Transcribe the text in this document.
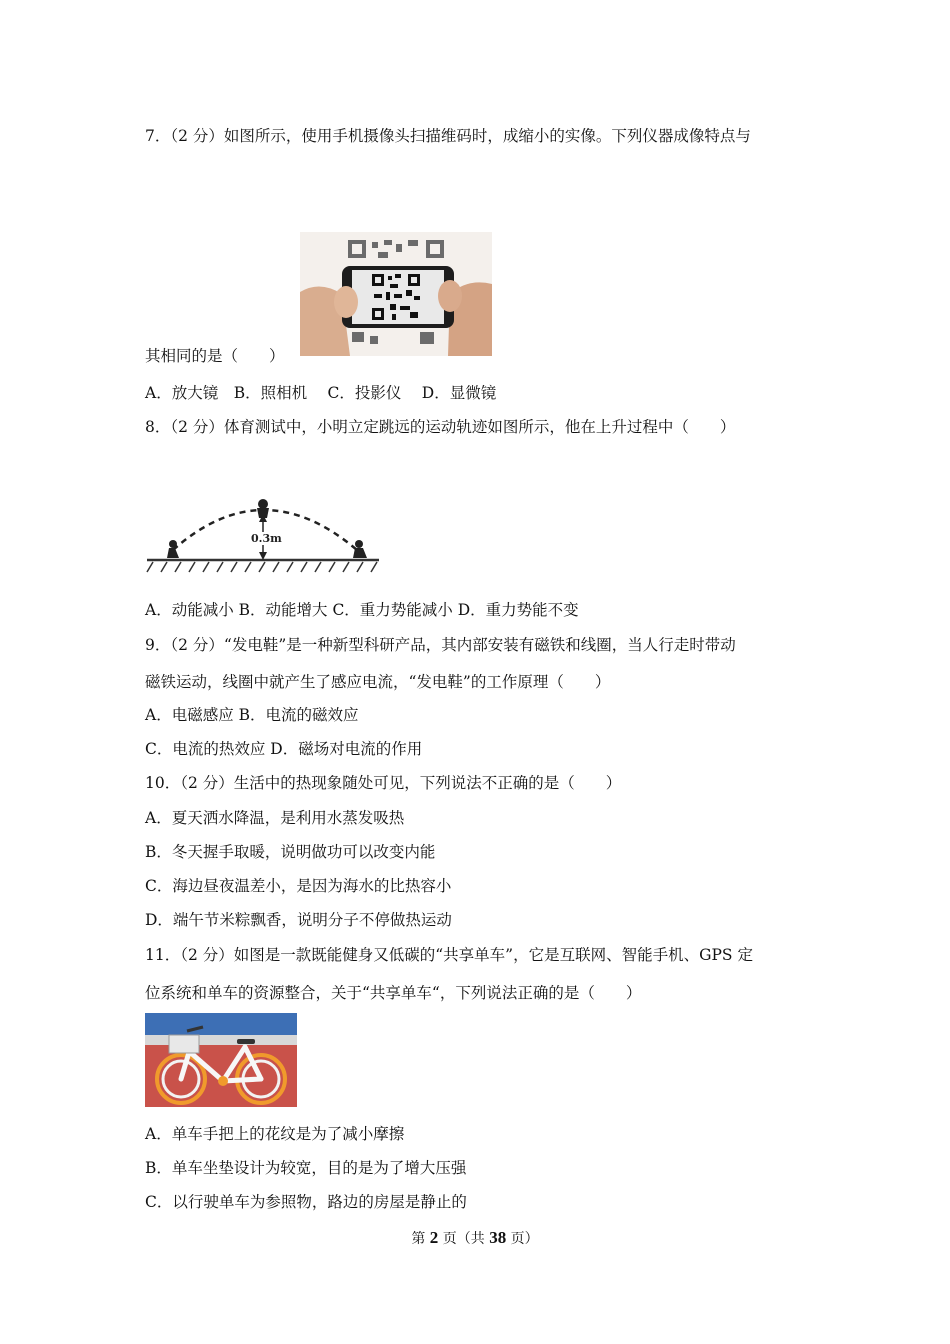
7．（2 分）如图所示，使用手机摄像头扫描维码时，成缩小的实像。下列仪器成像特点与
其相同的是（　　）
A．放大镜　B．照相机　 C．投影仪　 D．显微镜
8．（2 分）体育测试中，小明立定跳远的运动轨迹如图所示，他在上升过程中（　　）
0.3m
A．动能减小 B．动能增大 C．重力势能减小 D．重力势能不变
9．（2 分）“发电鞋”是一种新型科研产品，其内部安装有磁铁和线圈，当人行走时带动
磁铁运动，线圈中就产生了感应电流，“发电鞋”的工作原理（　　）
A．电磁感应 B．电流的磁效应
C．电流的热效应 D．磁场对电流的作用
10．（2 分）生活中的热现象随处可见，下列说法不正确的是（　　）
A．夏天洒水降温，是利用水蒸发吸热
B．冬天握手取暖，说明做功可以改变内能
C．海边昼夜温差小，是因为海水的比热容小
D．端午节米粽飘香，说明分子不停做热运动
11．（2 分）如图是一款既能健身又低碳的“共享单车”，它是互联网、智能手机、GPS 定
位系统和单车的资源整合，关于“共享单车“，下列说法正确的是（　　）
A．单车手把上的花纹是为了减小摩擦
B．单车坐垫设计为较宽，目的是为了增大压强
C．以行驶单车为参照物，路边的房屋是静止的
第 2 页（共 38 页）
